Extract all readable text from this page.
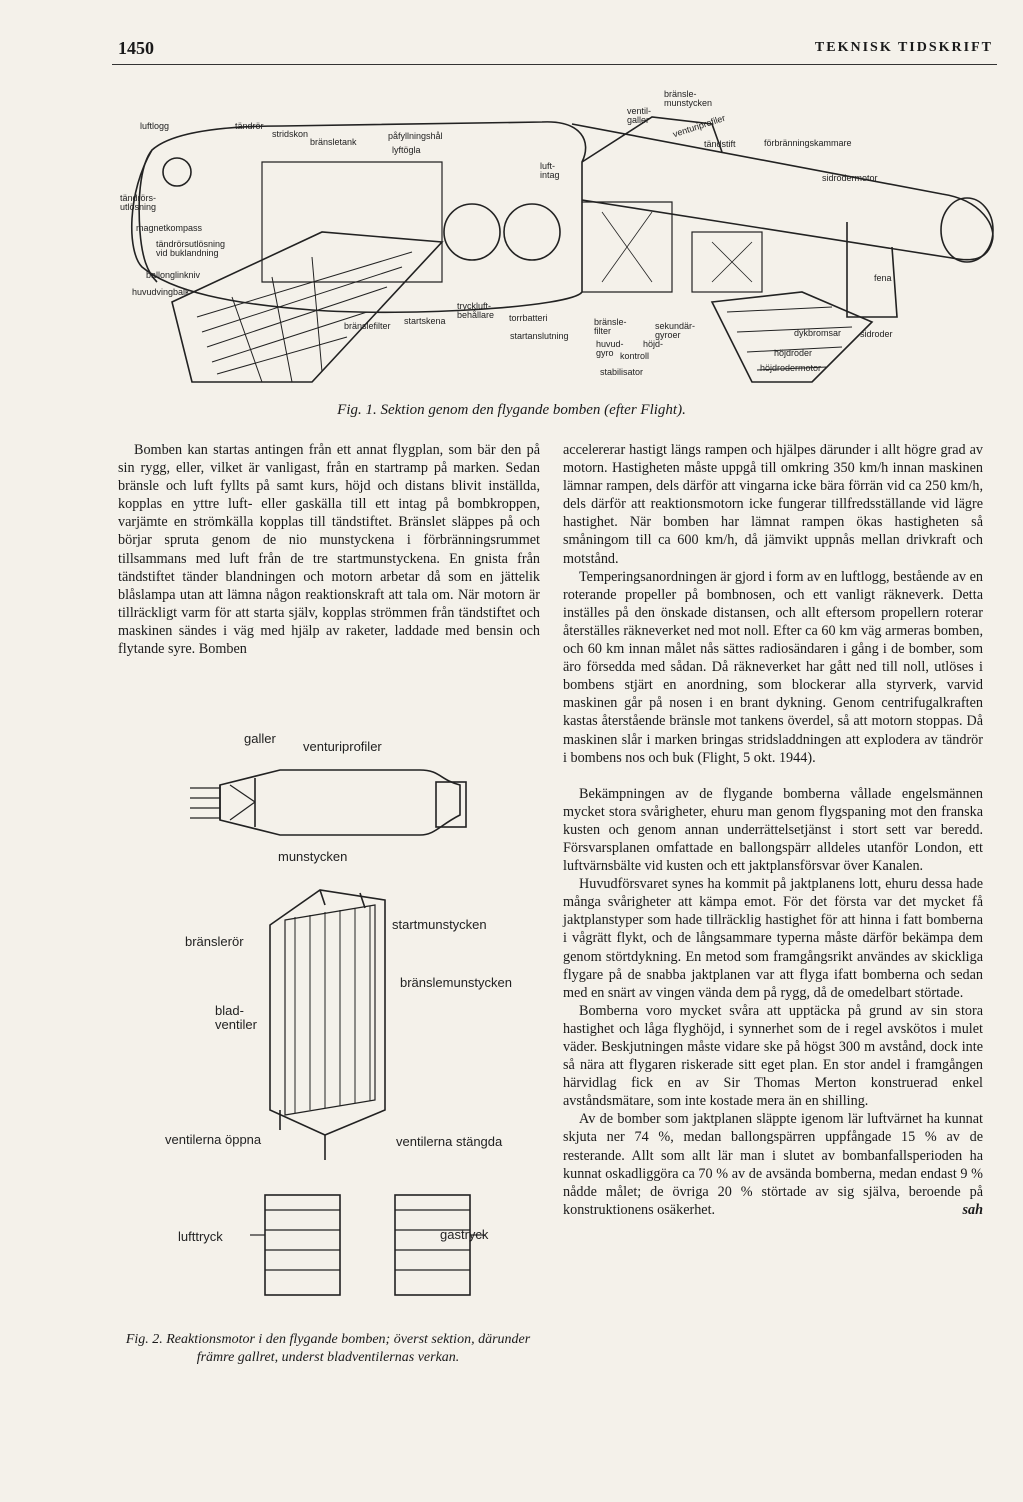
1450	TEKNISK TIDSKRIFT
luftlogg	tändrör
stridskon
bränsletank
påfyllningshål
lyftögla
ventil-
galler
bränsle-
munstycken
venturiprofiler
tändstift	förbränningskammare
luft-
intag	sidrodermotor
tändrörs-
utlösning
magnetkompass
tändrörsutlösning
vid buklandning
ballonglinkniv
huvudvingbalk
fena
tryckluft-
behållare torrbatteri
startskena
bränslefilter	bränsle-
filter
startanslutning
sekundär-
gyroer
höjd-
kontroll
huvud-
gyro
stabilisator
dykbromsar sidroder
höjdroder
höjdrodermotor
Fig. 1. Sektion genom den flygande bomben (efter Flight).

Bomben kan startas antingen från ett annat flygplan, som bär den på sin rygg, eller, vilket är vanligast, från en startramp på marken. Sedan bränsle och luft fyllts på samt kurs, höjd och distans blivit inställda, kopplas en yttre luft- eller gaskälla till ett intag på bombkroppen, varjämte en strömkälla kopplas till tändstiftet. Bränslet släppes på och börjar spruta genom de nio munstyckena i förbränningsrummet tillsammans med luft från de tre startmunstyckena. En gnista från tändstiftet tänder blandningen och motorn arbetar då som en jättelik blåslampa utan att lämna någon reaktionskraft att tala om. När motorn är tillräckligt varm för att starta själv, kopplas strömmen från tändstiftet och maskinen sändes i väg med hjälp av raketer, laddade med bensin och flytande syre. Bomben

galler
venturiprofiler
munstycken
bränslerör
startmunstycken
bränslemunstycken
blad-
ventiler
ventilerna öppna	ventilerna stängda
lufttryck	gastryck
Fig. 2. Reaktionsmotor i den flygande bomben; överst sektion, därunder främre gallret, underst bladventilernas verkan.

accelererar hastigt längs rampen och hjälpes därunder i allt högre grad av motorn. Hastigheten måste uppgå till omkring 350 km/h innan maskinen lämnar rampen, dels därför att vingarna icke bära förrän vid ca 250 km/h, dels därför att reaktionsmotorn icke fungerar tillfredsställande vid lägre hastighet. När bomben har lämnat rampen ökas hastigheten så småningom till ca 600 km/h, då jämvikt uppnås mellan drivkraft och motstånd.

Temperingsanordningen är gjord i form av en luftlogg, bestående av en roterande propeller på bombnosen, och ett vanligt räkneverk. Detta inställes på den önskade distansen, och allt eftersom propellern roterar återställes räkneverket ned mot noll. Efter ca 60 km väg armeras bomben, och 60 km innan målet nås sättes radiosändaren i gång i de bomber, som äro försedda med sådan. Då räkneverket har gått ned till noll, utlöses i bombens stjärt en anordning, som blockerar alla styrverk, varvid maskinen går på nosen i en brant dykning. Genom centrifugalkraften kastas återstående bränsle mot tankens överdel, så att motorn stoppas. Då maskinen slår i marken bringas stridsladdningen att explodera av tändrör i bombens nos och buk (Flight, 5 okt. 1944).

Bekämpningen av de flygande bomberna vållade engelsmännen mycket stora svårigheter, ehuru man genom flygspaning mot den franska kusten och genom annan underrättelsetjänst i stort sett var beredd. Försvarsplanen omfattade en ballongspärr alldeles utanför London, ett luftvärnsbälte vid kusten och ett jaktplansförsvar över Kanalen.

Huvudförsvaret synes ha kommit på jaktplanens lott, ehuru dessa hade många svårigheter att kämpa emot. För det första var det mycket få jaktplanstyper som hade tillräcklig hastighet för att hinna i fatt bomberna i vågrätt flykt, och de långsammare typerna måste därför bekämpa dem genom störtdykning. En metod som framgångsrikt användes av skickliga flygare på de snabba jaktplanen var att flyga ifatt bomberna och sedan med en snärt av vingen vända dem på rygg, då de omedelbart störtade.

Bomberna voro mycket svåra att upptäcka på grund av sin stora hastighet och låga flyghöjd, i synnerhet som de i regel avskötos i mulet väder. Beskjutningen måste vidare ske på högst 300 m avstånd, dock inte så nära att flygaren riskerade sitt eget plan. En stor andel i framgången härvidlag fick en av Sir Thomas Merton konstruerad enkel avståndsmätare, som inte kostade mera än en shilling.

Av de bomber som jaktplanen släppte igenom lär luftvärnet ha kunnat skjuta ner 74 %, medan ballongspärren uppfångade 15 % av de resterande. Allt som allt lär man i slutet av bombanfallsperioden ha kunnat oskadliggöra ca 70 % av de avsända bomberna, medan endast 9 % nådde målet; de övriga 20 % störtade av sig själva, beroende på konstruktionens osäkerhet.	sah
